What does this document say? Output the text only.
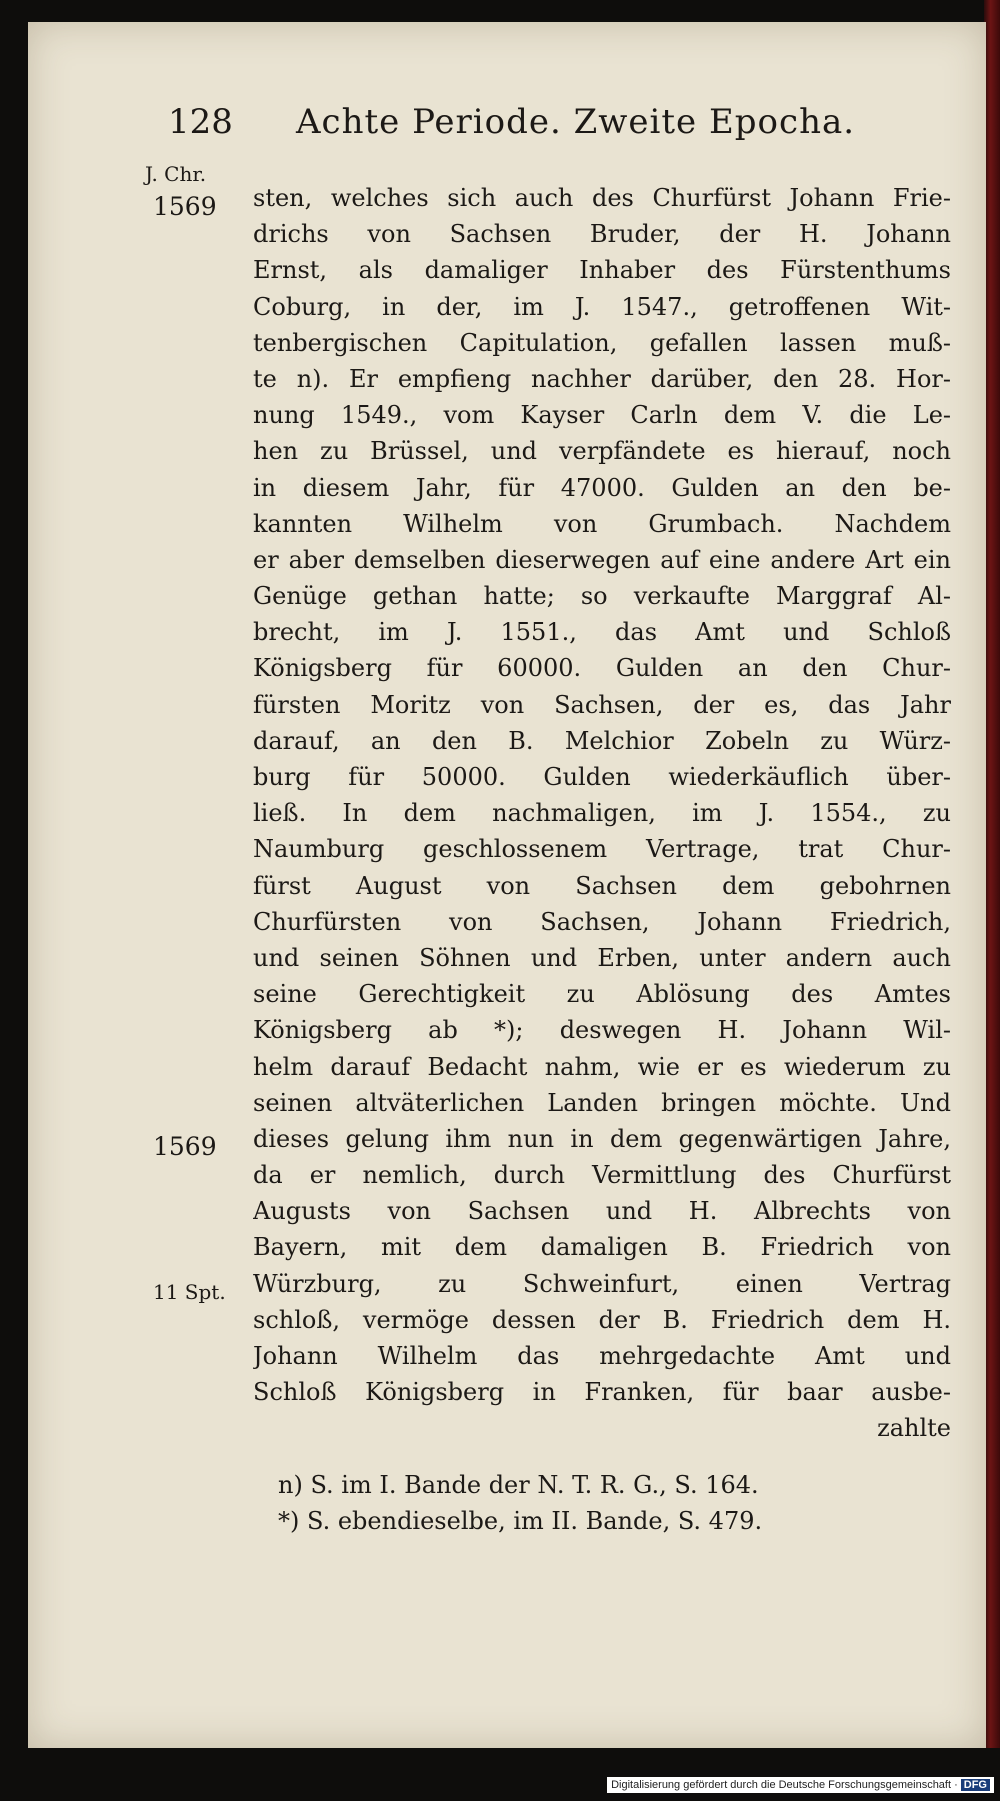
128 Achte Periode. Zweite Epocha.
J. Chr.
1569
1569
11 Spt.
sten, welches sich auch des Churfürst Johann Frie-
drichs von Sachsen Bruder, der H. Johann
Ernst, als damaliger Inhaber des Fürstenthums
Coburg, in der, im J. 1547., getroffenen Wit-
tenbergischen Capitulation, gefallen lassen muß-
te n). Er empfieng nachher darüber, den 28. Hor-
nung 1549., vom Kayser Carln dem V. die Le-
hen zu Brüssel, und verpfändete es hierauf, noch
in diesem Jahr, für 47000. Gulden an den be-
kannten Wilhelm von Grumbach. Nachdem
er aber demselben dieserwegen auf eine andere Art ein
Genüge gethan hatte; so verkaufte Marggraf Al-
brecht, im J. 1551., das Amt und Schloß
Königsberg für 60000. Gulden an den Chur-
fürsten Moritz von Sachsen, der es, das Jahr
darauf, an den B. Melchior Zobeln zu Würz-
burg für 50000. Gulden wiederkäuflich über-
ließ. In dem nachmaligen, im J. 1554., zu
Naumburg geschlossenem Vertrage, trat Chur-
fürst August von Sachsen dem gebohrnen
Churfürsten von Sachsen, Johann Friedrich,
und seinen Söhnen und Erben, unter andern auch
seine Gerechtigkeit zu Ablösung des Amtes
Königsberg ab *); deswegen H. Johann Wil-
helm darauf Bedacht nahm, wie er es wiederum zu
seinen altväterlichen Landen bringen möchte. Und
dieses gelung ihm nun in dem gegenwärtigen Jahre,
da er nemlich, durch Vermittlung des Churfürst
Augusts von Sachsen und H. Albrechts von
Bayern, mit dem damaligen B. Friedrich von
Würzburg, zu Schweinfurt, einen Vertrag
schloß, vermöge dessen der B. Friedrich dem H.
Johann Wilhelm das mehrgedachte Amt und
Schloß Königsberg in Franken, für baar ausbe-
zahlte
n) S. im I. Bande der N. T. R. G., S. 164.
*) S. ebendieselbe, im II. Bande, S. 479.
Digitalisierung gefördert durch die Deutsche Forschungsgemeinschaft · DFG
